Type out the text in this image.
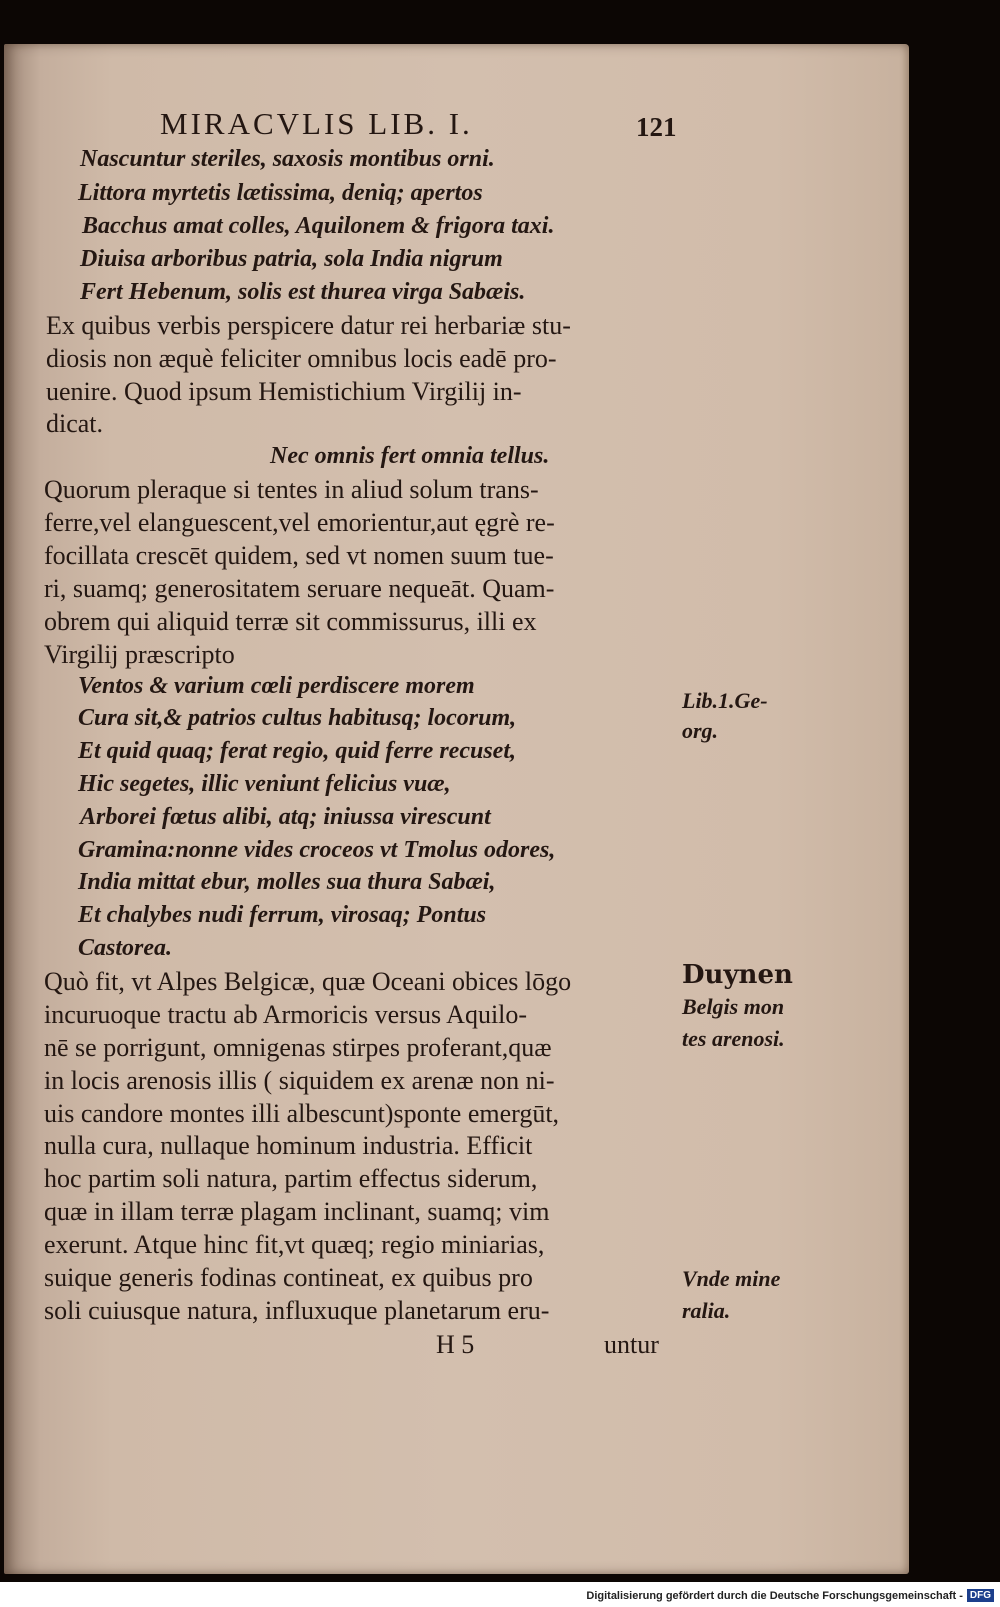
MIRACVLIS LIB. I.	121
Nascuntur steriles, saxosis montibus orni.
Littora myrtetis lætissima, deniq; apertos
Bacchus amat colles, Aquilonem & frigora taxi.
Diuisa arboribus patria, sola India nigrum
Fert Hebenum, solis est thurea virga Sabæis.
Ex quibus verbis perspicere datur rei herbariæ stu-
diosis non æquè feliciter omnibus locis eadē pro-
uenire. Quod ipsum Hemistichium Virgilij in-
dicat.
Nec omnis fert omnia tellus.
Quorum pleraque si tentes in aliud solum trans-
ferre,vel elanguescent,vel emorientur,aut ęgrè re-
focillata crescēt quidem, sed vt nomen suum tue-
ri, suamq; generositatem seruare nequeāt. Quam-
obrem qui aliquid terræ sit commissurus, illi ex
Virgilij præscripto
Ventos & varium cœli perdiscere morem
Cura sit,& patrios cultus habitusq; locorum,
Et quid quaq; ferat regio, quid ferre recuset,
Hic segetes, illic veniunt felicius vuæ,
Arborei fœtus alibi, atq; iniussa virescunt
Gramina:nonne vides croceos vt Tmolus odores,
India mittat ebur, molles sua thura Sabæi,
Et chalybes nudi ferrum, virosaq; Pontus
Castorea.
Quò fit, vt Alpes Belgicæ, quæ Oceani obices lōgo
incuruoque tractu ab Armoricis versus Aquilo-
nē se porrigunt, omnigenas stirpes proferant,quæ
in locis arenosis illis ( siquidem ex arenæ non ni-
uis candore montes illi albescunt)sponte emergūt,
nulla cura, nullaque hominum industria. Efficit
hoc partim soli natura, partim effectus siderum,
quæ in illam terræ plagam inclinant, suamq; vim
exerunt. Atque hinc fit,vt quæq; regio miniarias,
suique generis fodinas contineat, ex quibus pro
soli cuiusque natura, influxuque planetarum eru-
Lib.1.Ge-
org.
Duynen
Belgis mon
tes arenosi.
Vnde mine
ralia.
H 5	untur
Digitalisierung gefördert durch die Deutsche Forschungsgemeinschaft - DFG
